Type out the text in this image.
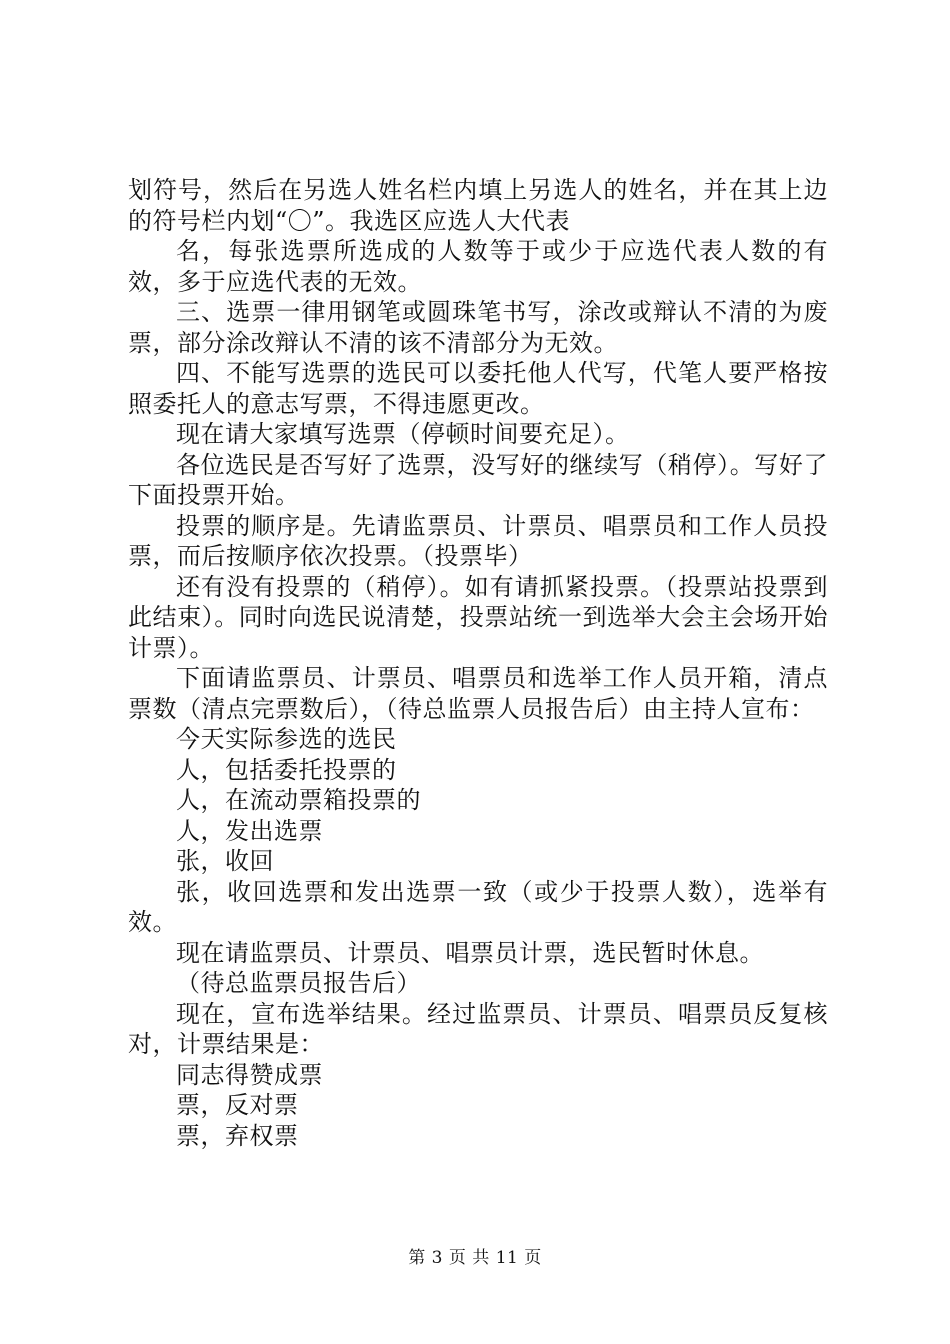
划符号，然后在另选人姓名栏内填上另选人的姓名，并在其上边的符号栏内划“〇”。我选区应选人大代表

名，每张选票所选成的人数等于或少于应选代表人数的有效，多于应选代表的无效。

三、选票一律用钢笔或圆珠笔书写，涂改或辩认不清的为废票，部分涂改辩认不清的该不清部分为无效。

四、不能写选票的选民可以委托他人代写，代笔人要严格按照委托人的意志写票，不得违愿更改。

现在请大家填写选票（停顿时间要充足）。

各位选民是否写好了选票，没写好的继续写（稍停）。写好了下面投票开始。

投票的顺序是。先请监票员、计票员、唱票员和工作人员投票，而后按顺序依次投票。（投票毕）

还有没有投票的（稍停）。如有请抓紧投票。（投票站投票到此结束）。同时向选民说清楚，投票站统一到选举大会主会场开始计票）。

下面请监票员、计票员、唱票员和选举工作人员开箱，清点票数（清点完票数后），（待总监票人员报告后）由主持人宣布：

今天实际参选的选民

人，包括委托投票的

人，在流动票箱投票的

人，发出选票

张，收回

张，收回选票和发出选票一致（或少于投票人数），选举有效。

现在请监票员、计票员、唱票员计票，选民暂时休息。

（待总监票员报告后）

现在，宣布选举结果。经过监票员、计票员、唱票员反复核对，计票结果是：

同志得赞成票

票，反对票

票，弃权票

第 3 页 共 11 页
